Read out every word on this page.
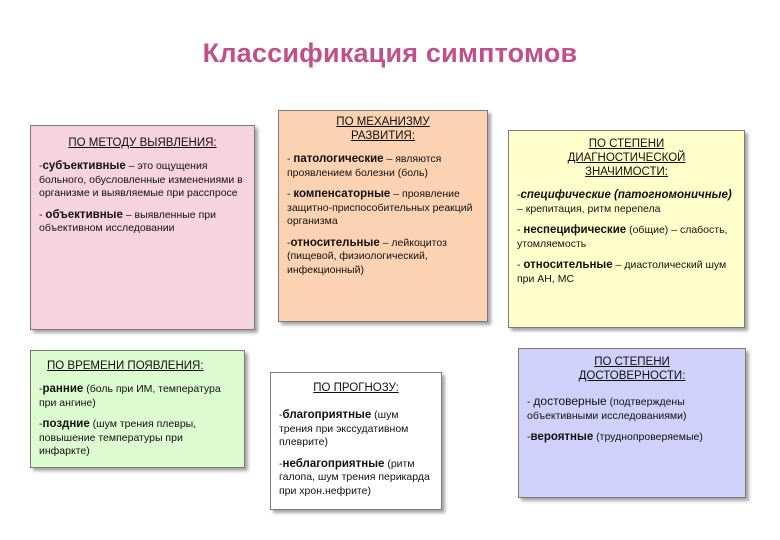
Классификация симптомов
ПО МЕТОДУ ВЫЯВЛЕНИЯ:
-субъективные – это ощущения больного, обусловленные изменениями в организме и выявляемые при расспросе
- объективные – выявленные при объективном исследовании
ПО МЕХАНИЗМУ РАЗВИТИЯ:
- патологические – являются проявлением болезни (боль)
- компенсаторные – проявление защитно-приспособительных реакций организма
-относительные – лейкоцитоз (пищевой, физиологический, инфекционный)
ПО СТЕПЕНИ ДИАГНОСТИЧЕСКОЙ ЗНАЧИМОСТИ:
-специфические (патогномоничные) – крепитация, ритм перепела
- неспецифические (общие) – слабость, утомляемость
- относительные – диастолический шум при АН, МС
ПО ВРЕМЕНИ ПОЯВЛЕНИЯ:
-ранние (боль при ИМ, температура при ангине)
-поздние (шум трения плевры, повышение температуры при инфаркте)
ПО ПРОГНОЗУ:
-благоприятные (шум трения при экссудативном плеврите)
-неблагоприятные (ритм галопа, шум трения перикарда при хрон.нефрите)
ПО СТЕПЕНИ ДОСТОВЕРНОСТИ:
- достоверные (подтверждены объективными исследованиями)
-вероятные (труднопроверяемые)
